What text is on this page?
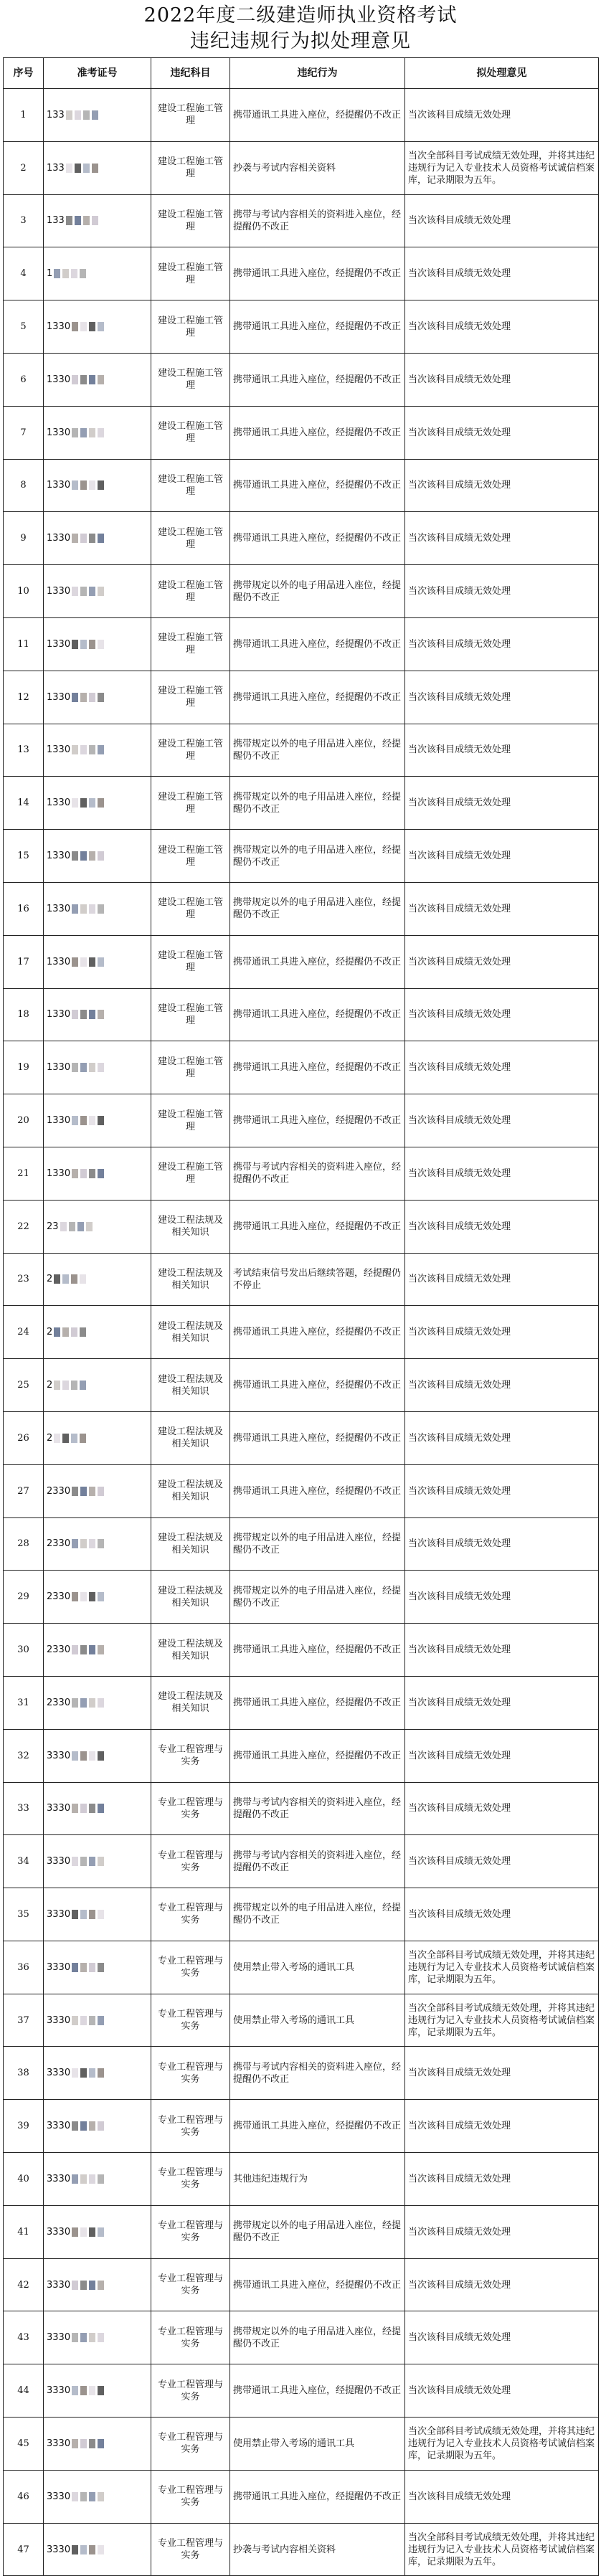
2022年度二级建造师执业资格考试
违纪违规行为拟处理意见
序号	准考证号	违纪科目	违纪行为	拟处理意见
1	133	建设工程施工管理	携带通讯工具进入座位，经提醒仍不改正	当次该科目成绩无效处理
2	133	建设工程施工管理	抄袭与考试内容相关资料	当次全部科目考试成绩无效处理，并将其违纪违规行为记入专业技术人员资格考试诚信档案库，记录期限为五年。
3	133	建设工程施工管理	携带与考试内容相关的资料进入座位，经提醒仍不改正	当次该科目成绩无效处理
4	1	建设工程施工管理	携带通讯工具进入座位，经提醒仍不改正	当次该科目成绩无效处理
5	1330	建设工程施工管理	携带通讯工具进入座位，经提醒仍不改正	当次该科目成绩无效处理
6	1330	建设工程施工管理	携带通讯工具进入座位，经提醒仍不改正	当次该科目成绩无效处理
7	1330	建设工程施工管理	携带通讯工具进入座位，经提醒仍不改正	当次该科目成绩无效处理
8	1330	建设工程施工管理	携带通讯工具进入座位，经提醒仍不改正	当次该科目成绩无效处理
9	1330	建设工程施工管理	携带通讯工具进入座位，经提醒仍不改正	当次该科目成绩无效处理
10	1330	建设工程施工管理	携带规定以外的电子用品进入座位，经提醒仍不改正	当次该科目成绩无效处理
11	1330	建设工程施工管理	携带通讯工具进入座位，经提醒仍不改正	当次该科目成绩无效处理
12	1330	建设工程施工管理	携带通讯工具进入座位，经提醒仍不改正	当次该科目成绩无效处理
13	1330	建设工程施工管理	携带规定以外的电子用品进入座位，经提醒仍不改正	当次该科目成绩无效处理
14	1330	建设工程施工管理	携带规定以外的电子用品进入座位，经提醒仍不改正	当次该科目成绩无效处理
15	1330	建设工程施工管理	携带规定以外的电子用品进入座位，经提醒仍不改正	当次该科目成绩无效处理
16	1330	建设工程施工管理	携带规定以外的电子用品进入座位，经提醒仍不改正	当次该科目成绩无效处理
17	1330	建设工程施工管理	携带通讯工具进入座位，经提醒仍不改正	当次该科目成绩无效处理
18	1330	建设工程施工管理	携带通讯工具进入座位，经提醒仍不改正	当次该科目成绩无效处理
19	1330	建设工程施工管理	携带通讯工具进入座位，经提醒仍不改正	当次该科目成绩无效处理
20	1330	建设工程施工管理	携带通讯工具进入座位，经提醒仍不改正	当次该科目成绩无效处理
21	1330	建设工程施工管理	携带与考试内容相关的资料进入座位，经提醒仍不改正	当次该科目成绩无效处理
22	23	建设工程法规及相关知识	携带通讯工具进入座位，经提醒仍不改正	当次该科目成绩无效处理
23	2	建设工程法规及相关知识	考试结束信号发出后继续答题，经提醒仍不停止	当次该科目成绩无效处理
24	2	建设工程法规及相关知识	携带通讯工具进入座位，经提醒仍不改正	当次该科目成绩无效处理
25	2	建设工程法规及相关知识	携带通讯工具进入座位，经提醒仍不改正	当次该科目成绩无效处理
26	2	建设工程法规及相关知识	携带通讯工具进入座位，经提醒仍不改正	当次该科目成绩无效处理
27	2330	建设工程法规及相关知识	携带通讯工具进入座位，经提醒仍不改正	当次该科目成绩无效处理
28	2330	建设工程法规及相关知识	携带规定以外的电子用品进入座位，经提醒仍不改正	当次该科目成绩无效处理
29	2330	建设工程法规及相关知识	携带规定以外的电子用品进入座位，经提醒仍不改正	当次该科目成绩无效处理
30	2330	建设工程法规及相关知识	携带通讯工具进入座位，经提醒仍不改正	当次该科目成绩无效处理
31	2330	建设工程法规及相关知识	携带通讯工具进入座位，经提醒仍不改正	当次该科目成绩无效处理
32	3330	专业工程管理与实务	携带通讯工具进入座位，经提醒仍不改正	当次该科目成绩无效处理
33	3330	专业工程管理与实务	携带与考试内容相关的资料进入座位，经提醒仍不改正	当次该科目成绩无效处理
34	3330	专业工程管理与实务	携带与考试内容相关的资料进入座位，经提醒仍不改正	当次该科目成绩无效处理
35	3330	专业工程管理与实务	携带规定以外的电子用品进入座位，经提醒仍不改正	当次该科目成绩无效处理
36	3330	专业工程管理与实务	使用禁止带入考场的通讯工具	当次全部科目考试成绩无效处理，并将其违纪违规行为记入专业技术人员资格考试诚信档案库，记录期限为五年。
37	3330	专业工程管理与实务	使用禁止带入考场的通讯工具	当次全部科目考试成绩无效处理，并将其违纪违规行为记入专业技术人员资格考试诚信档案库，记录期限为五年。
38	3330	专业工程管理与实务	携带与考试内容相关的资料进入座位，经提醒仍不改正	当次该科目成绩无效处理
39	3330	专业工程管理与实务	携带通讯工具进入座位，经提醒仍不改正	当次该科目成绩无效处理
40	3330	专业工程管理与实务	其他违纪违规行为	当次该科目成绩无效处理
41	3330	专业工程管理与实务	携带规定以外的电子用品进入座位，经提醒仍不改正	当次该科目成绩无效处理
42	3330	专业工程管理与实务	携带通讯工具进入座位，经提醒仍不改正	当次该科目成绩无效处理
43	3330	专业工程管理与实务	携带规定以外的电子用品进入座位，经提醒仍不改正	当次该科目成绩无效处理
44	3330	专业工程管理与实务	携带通讯工具进入座位，经提醒仍不改正	当次该科目成绩无效处理
45	3330	专业工程管理与实务	使用禁止带入考场的通讯工具	当次全部科目考试成绩无效处理，并将其违纪违规行为记入专业技术人员资格考试诚信档案库，记录期限为五年。
46	3330	专业工程管理与实务	携带通讯工具进入座位，经提醒仍不改正	当次该科目成绩无效处理
47	3330	专业工程管理与实务	抄袭与考试内容相关资料	当次全部科目考试成绩无效处理，并将其违纪违规行为记入专业技术人员资格考试诚信档案库，记录期限为五年。
